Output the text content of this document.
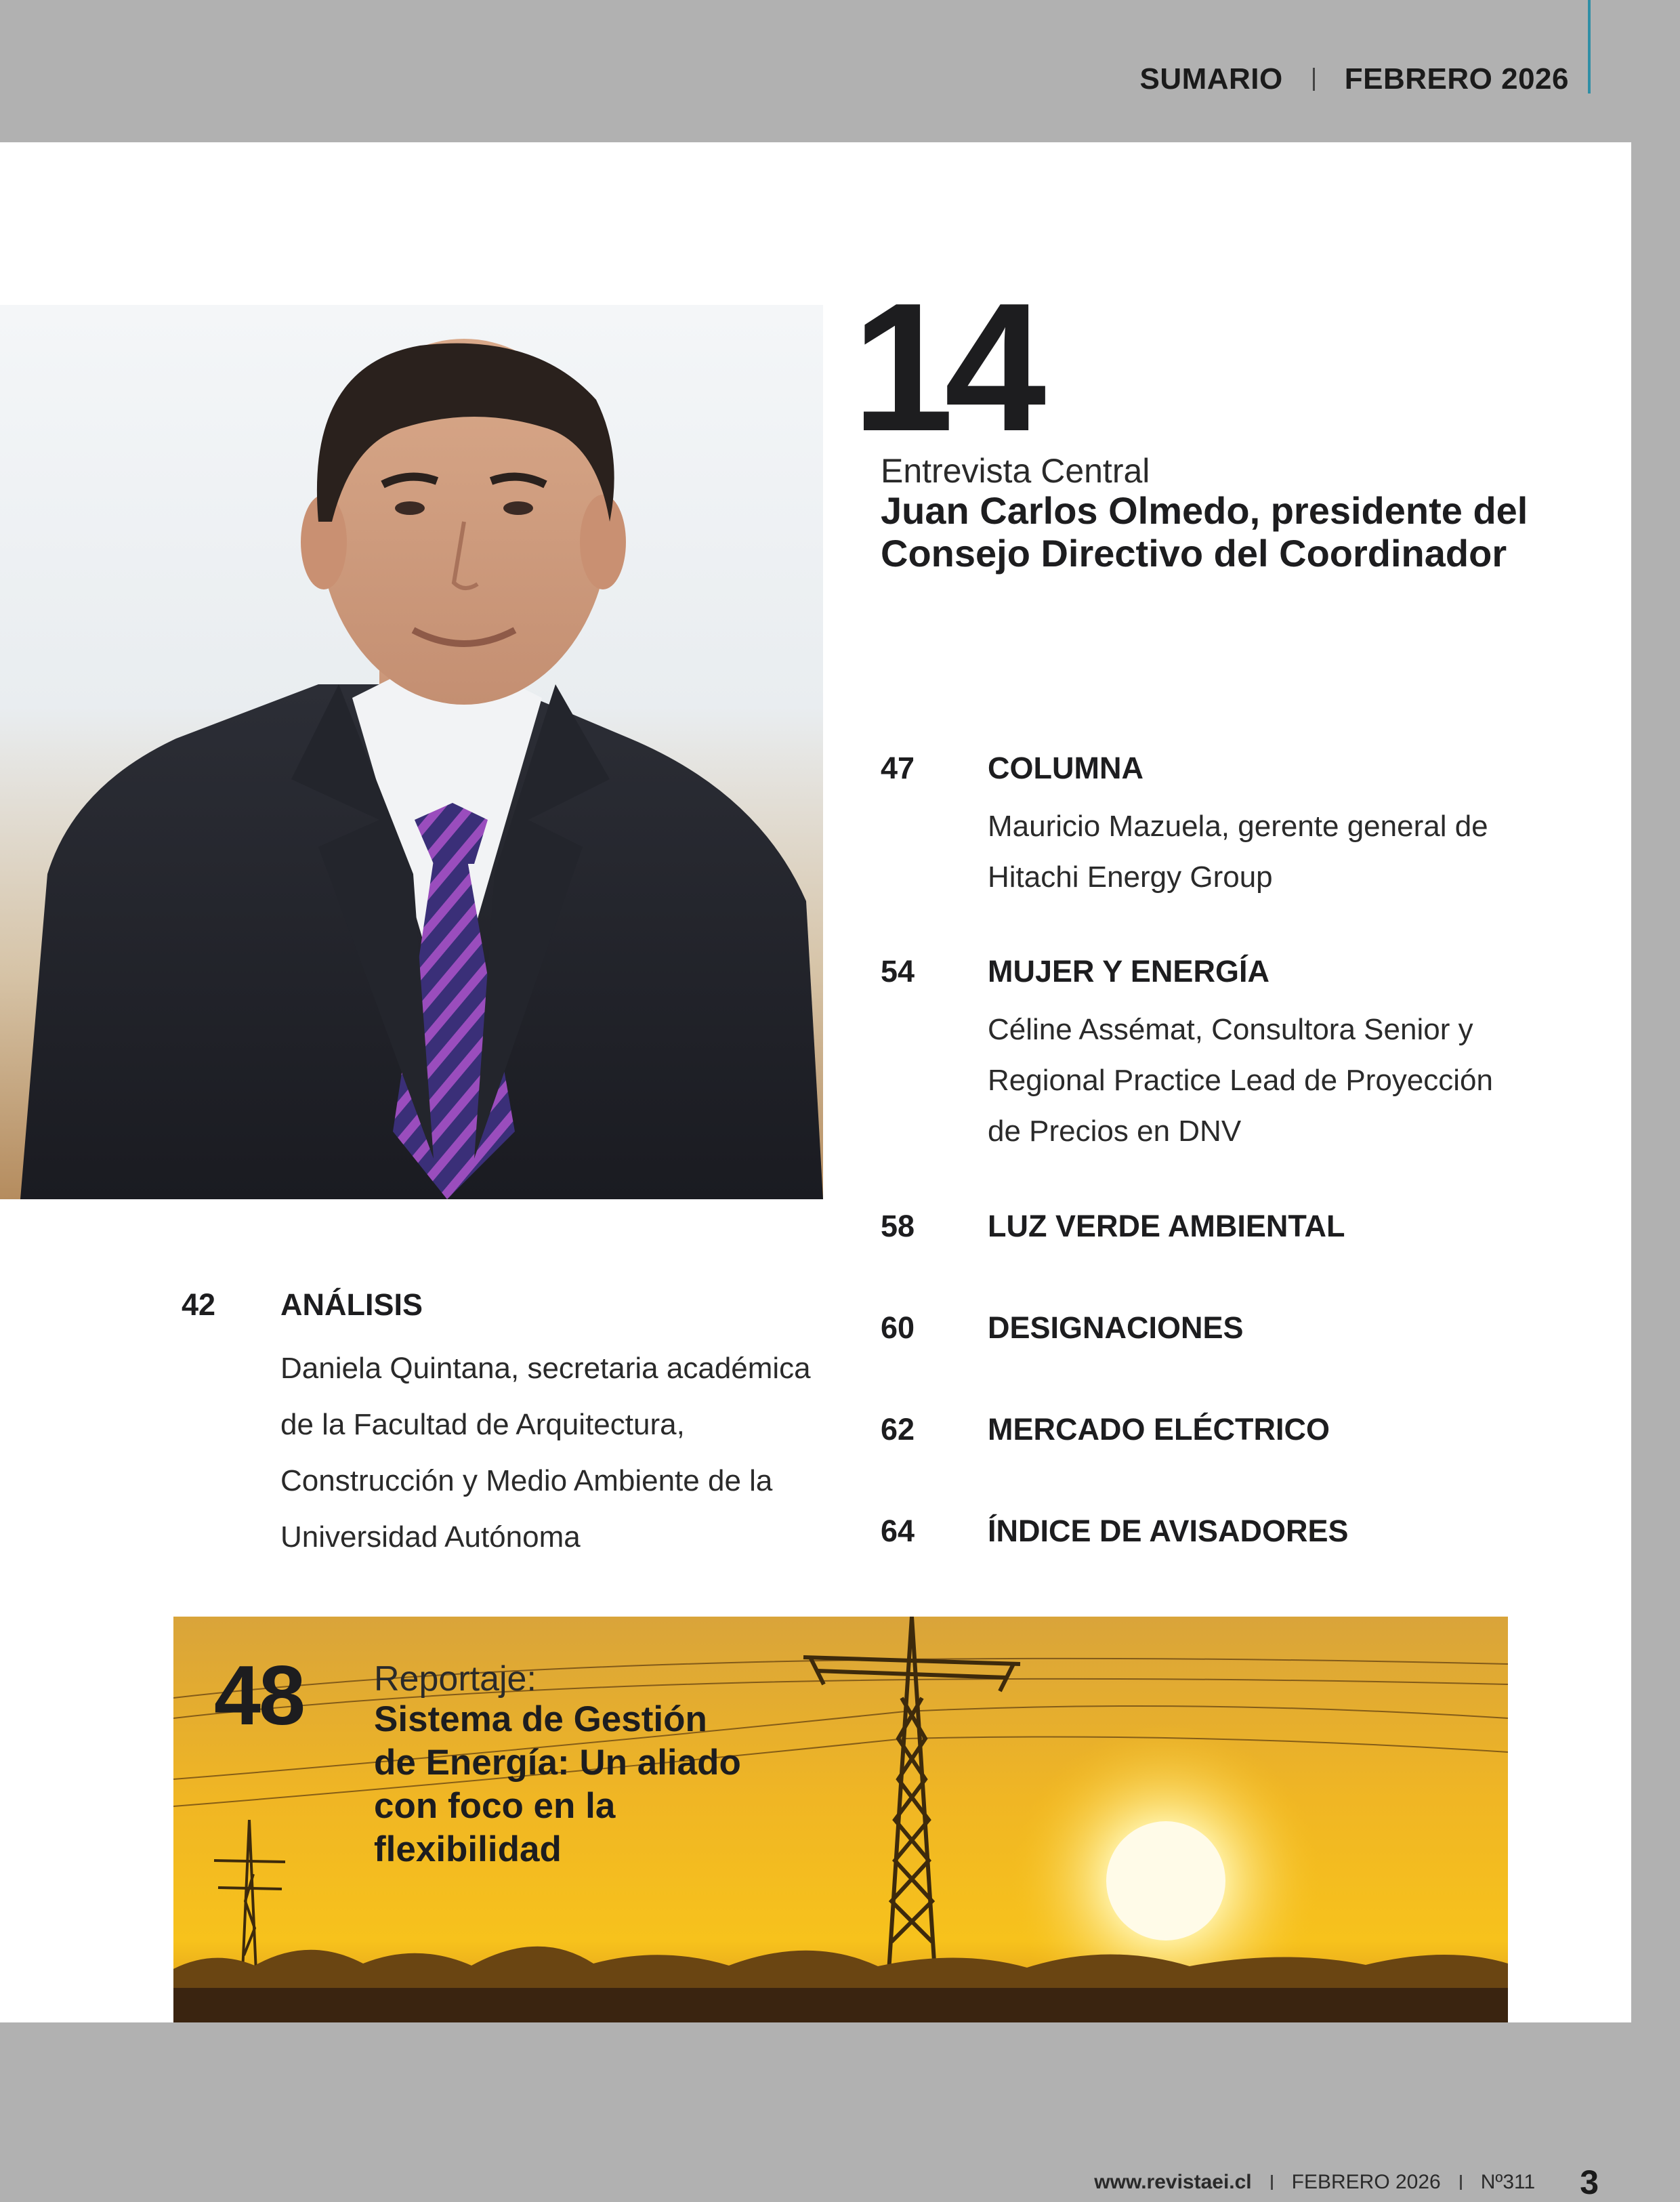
SUMARIO FEBRERO 2026
14
Entrevista Central
Juan Carlos Olmedo, presidente del Consejo Directivo del Coordinador
47 COLUMNA
Mauricio Mazuela, gerente general de Hitachi Energy Group
54 MUJER Y ENERGÍA
Céline Assémat, Consultora Senior y Regional Practice Lead de Proyección de Precios en DNV
58 LUZ VERDE AMBIENTAL
60 DESIGNACIONES
62 MERCADO ELÉCTRICO
64 ÍNDICE DE AVISADORES
42 ANÁLISIS
Daniela Quintana, secretaria académica de la Facultad de Arquitectura, Construcción y Medio Ambiente de la Universidad Autónoma
48 Reportaje:
Sistema de Gestión de Energía: Un aliado con foco en la flexibilidad
www.revistaei.cl FEBRERO 2026 Nº311 3
